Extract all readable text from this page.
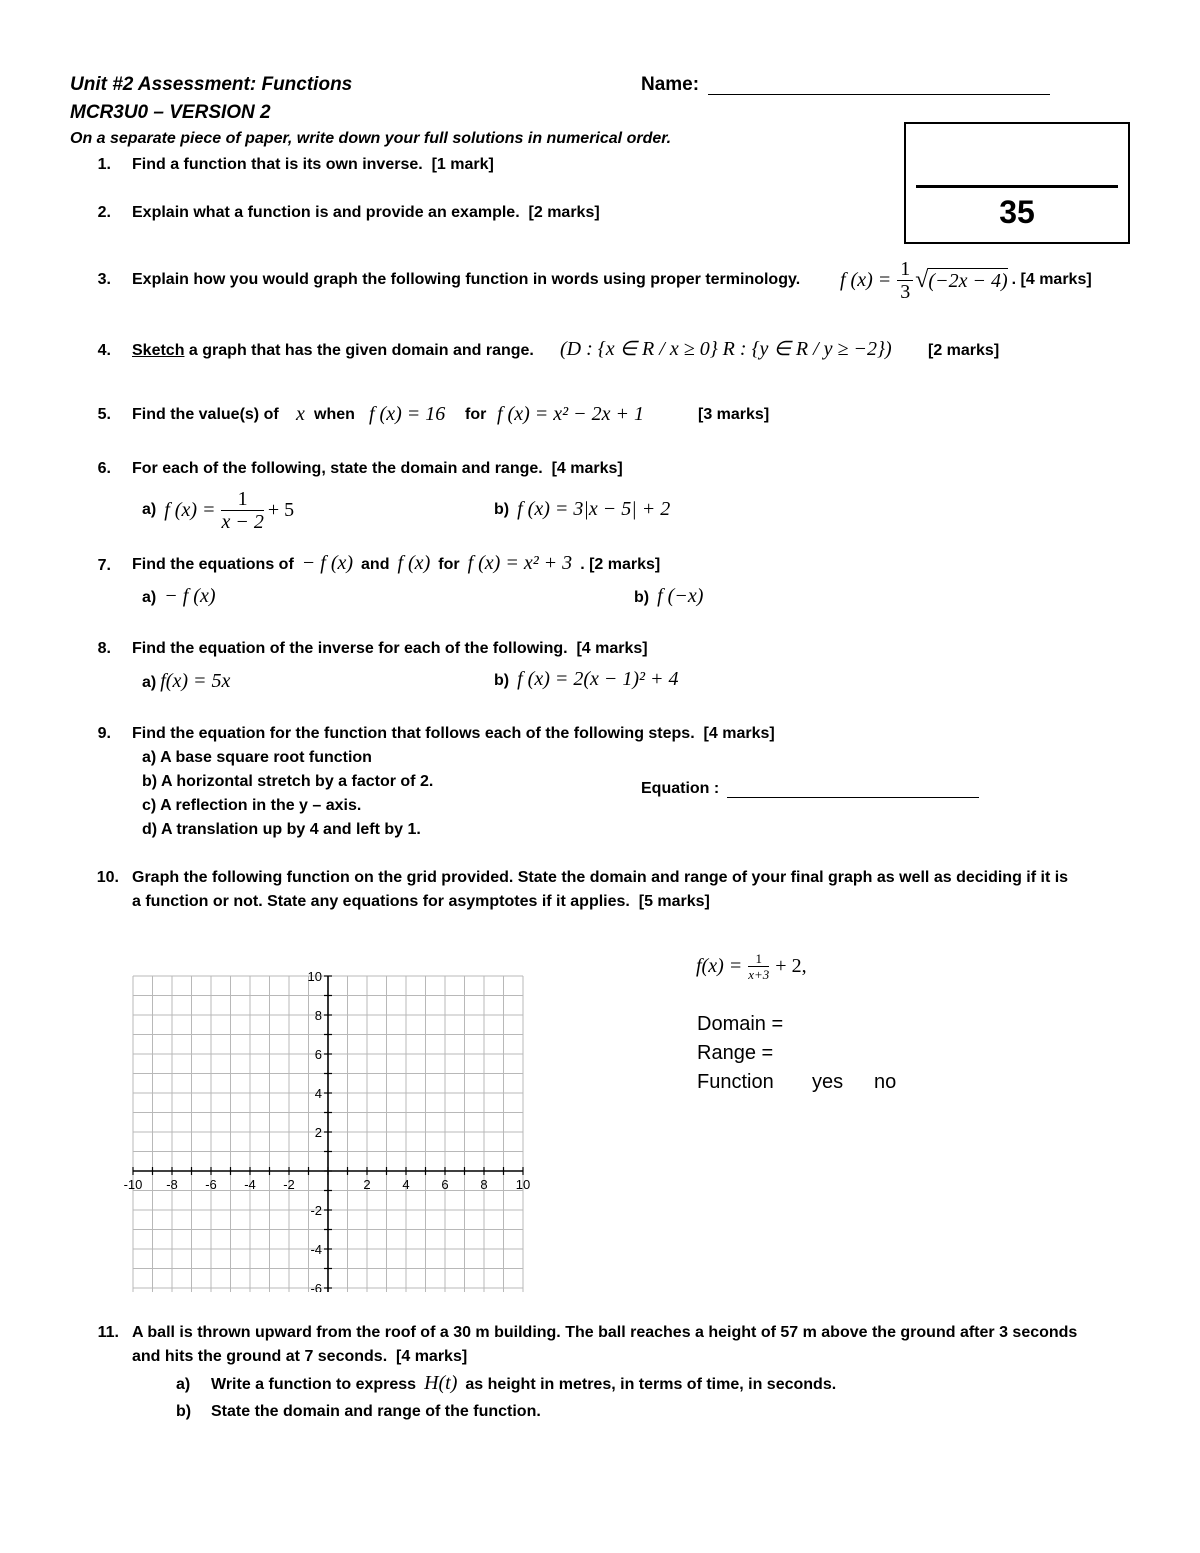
Unit #2 Assessment: Functions
MCR3U0 – VERSION 2
On a separate piece of paper, write down your full solutions in numerical order.
Name:
35
1. Find a function that is its own inverse. [1 mark]
2. Explain what a function is and provide an example. [2 marks]
3. Explain how you would graph the following function in words using proper terminology. f $(x) = \frac{1}{3}$ √ (−2x − 4) . [4 marks]
4. Sketch a graph that has the given domain and range. (D : {x ∈ R / x ≥ 0} R : {y ∈ R / y ≥ −2}) [2 marks]
5. Find the value(s) of x when f (x) = 16 for f (x) = x² − 2x + 1	[3 marks]
6. For each of the following, state the domain and range. [4 marks]
a) f $(x) = \frac{1}{x - 2} + 5$	b) f (x) = 3|x − 5| + 2
7. Find the equations of − f (x) and f (x) for f (x) = x² + 3 . [2 marks]
a) − f (x)	b) f (−x)
8. Find the equation of the inverse for each of the following. [4 marks]
a) f(x) = 5x	b) f (x) = 2(x − 1)² + 4
9. Find the equation for the function that follows each of the following steps. [4 marks]
a) A base square root function
b) A horizontal stretch by a factor of 2.
c) A reflection in the y – axis.
d) A translation up by 4 and left by 1.
Equation :
10. Graph the following function on the grid provided. State the domain and range of your final graph as well as deciding if it is
a function or not. State any equations for asymptotes if it applies. [5 marks]
$f(x) = \frac{1}{x+3} + 2$,
Domain =
Range =
Function yes no
-10 -8 -6 -4 -2	2 4 6 8 10
10
8
6
4
2
-2
-4
-6
11. A ball is thrown upward from the roof of a 30 m building. The ball reaches a height of 57 m above the ground after 3 seconds
and hits the ground at 7 seconds. [4 marks]
a) Write a function to express H(t) as height in metres, in terms of time, in seconds.
b) State the domain and range of the function.
